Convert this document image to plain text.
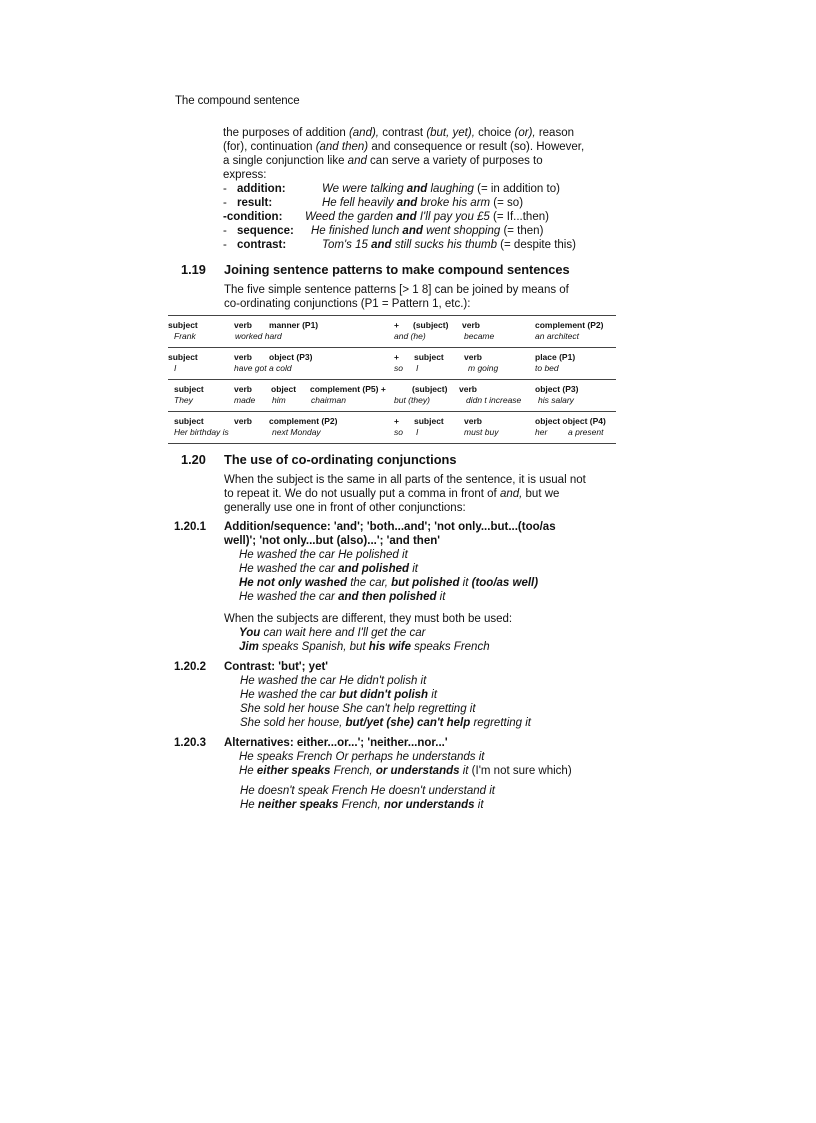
The compound sentence
the purposes of addition (and), contrast (but, yet), choice (or), reason
(for), continuation (and then) and consequence or result (so). However,
a single conjunction like and can serve a variety of purposes to
express:
- addition:	We were talking and laughing (= in addition to)
- result:	He fell heavily and broke his arm (= so)
-condition:	Weed the garden and I'll pay you £5 (= If...then)
- sequence:	He finished lunch and went shopping (= then)
- contrast:	Tom's 15 and still sucks his thumb (= despite this)
1.19 Joining sentence patterns to make compound sentences
The five simple sentence patterns [> 1 8] can be joined by means of
co-ordinating conjunctions (P1 = Pattern 1, etc.):
subject	verb manner (P1)	+ (subject) verb	complement (P2)
Frank	worked hard	and (he)	became	an architect
subject	verb object (P3)	+ subject verb	place (P1)
I	have got a cold	so I	m going	to bed
subject	verb object complement (P5) +	(subject) verb	object (P3)
They	made him	chairman	but (they)	didn t increase his salary
subject	verb complement (P2)	+ subject verb	object object (P4)
Her birthday is	next Monday	so I	must buy	her a present
1.20 The use of co-ordinating conjunctions
When the subject is the same in all parts of the sentence, it is usual not
to repeat it. We do not usually put a comma in front of and, but we
generally use one in front of other conjunctions:
1.20.1 Addition/sequence: 'and'; 'both...and'; 'not only...but...(too/as
well)'; 'not only...but (also)...'; 'and then'
He washed the car He polished it
He washed the car and polished it
He not only washed the car, but polished it (too/as well)
He washed the car and then polished it
When the subjects are different, they must both be used:
You can wait here and I'll get the car
Jim speaks Spanish, but his wife speaks French
1.20.2 Contrast: 'but'; yet'
He washed the car He didn't polish it
He washed the car but didn't polish it
She sold her house She can't help regretting it
She sold her house, but/yet (she) can't help regretting it
1.20.3 Alternatives: either...or...'; 'neither...nor...'
He speaks French Or perhaps he understands it
He either speaks French, or understands it (I'm not sure which)
He doesn't speak French He doesn't understand it
He neither speaks French, nor understands it
